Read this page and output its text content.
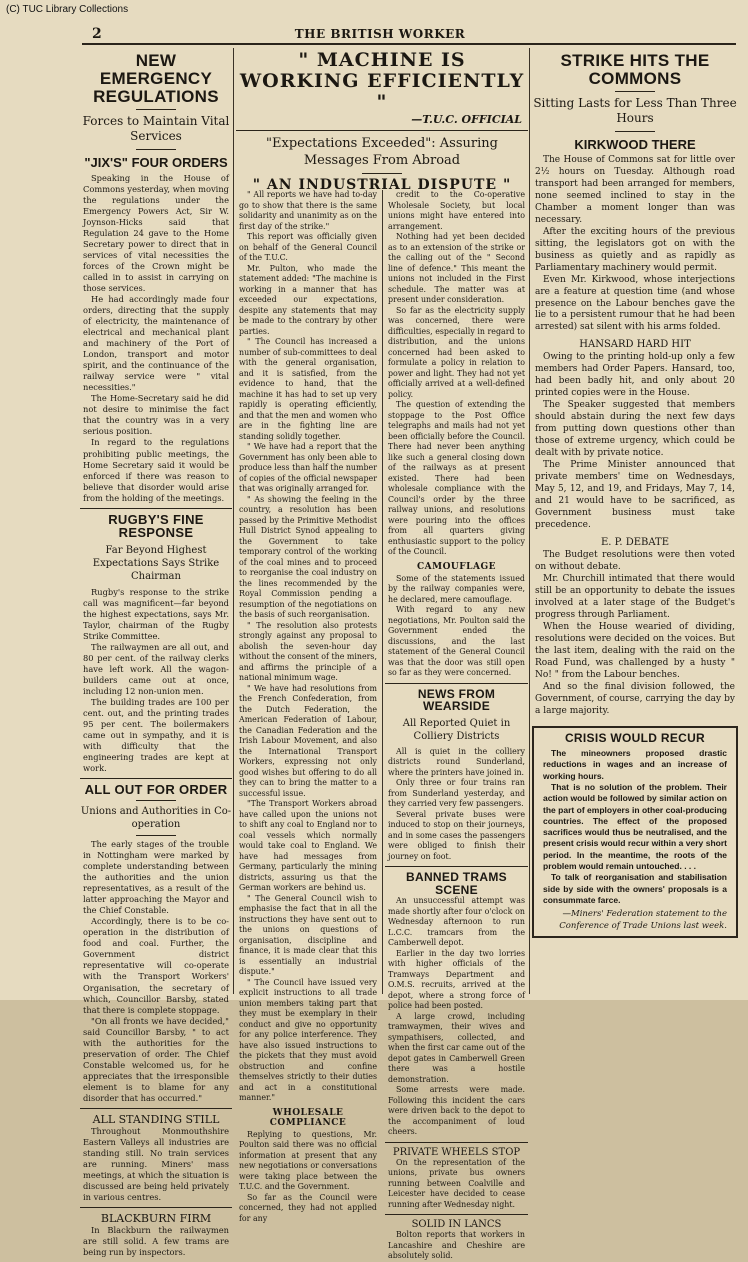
(C) TUC Library Collections
2	THE BRITISH WORKER
NEW EMERGENCY REGULATIONS
Forces to Maintain Vital Services
"JIX'S" FOUR ORDERS

Speaking in the House of Commons yesterday, when moving the regulations under the Emergency Powers Act, Sir W. Joynson-Hicks said that Regulation 24 gave to the Home Secretary power to direct that in services of vital necessities the forces of the Crown might be called in to assist in carrying on those services.

He had accordingly made four orders, directing that the supply of electricity, the maintenance of electrical and mechanical plant and machinery of the Port of London, transport and motor spirit, and the continuance of the railway service were " vital necessities."

The Home-Secretary said he did not desire to minimise the fact that the country was in a very serious position.

In regard to the regulations prohibiting public meetings, the Home Secretary said it would be enforced if there was reason to believe that disorder would arise from the holding of the meetings.

RUGBY'S FINE RESPONSE
Far Beyond Highest Expectations Says Strike Chairman

Rugby's response to the strike call was magnificent—far beyond the highest expectations, says Mr. Taylor, chairman of the Rugby Strike Committee.

The railwaymen are all out, and 80 per cent. of the railway clerks have left work. All the wagon-builders came out at once, including 12 non-union men.

The building trades are 100 per cent. out, and the printing trades 95 per cent. The boilermakers came out in sympathy, and it is with difficulty that the engineering trades are kept at work.

ALL OUT FOR ORDER
Unions and Authorities in Co-operation

The early stages of the trouble in Nottingham were marked by complete understanding between the authorities and the union representatives, as a result of the latter approaching the Mayor and the Chief Constable.

Accordingly, there is to be co-operation in the distribution of food and coal. Further, the Government district representative will co-operate with the Transport Workers' Organisation, the secretary of which, Councillor Barsby, stated that there is complete stoppage.

"On all fronts we have decided," said Councillor Barsby, " to act with the authorities for the preservation of order. The Chief Constable welcomed us, for he appreciates that the irresponsible element is to blame for any disorder that has occurred."

ALL STANDING STILL

Throughout Monmouthshire Eastern Valleys all industries are standing still. No train services are running. Miners' mass meetings, at which the situation is discussed are being held privately in various centres.

BLACKBURN FIRM

In Blackburn the railwaymen are still solid. A few trams are being run by inspectors.

" MACHINE IS WORKING EFFICIENTLY "
—T.U.C. OFFICIAL
"Expectations Exceeded": Assuring Messages From Abroad
" AN INDUSTRIAL DISPUTE "

" All reports we have had to-day go to show that there is the same solidarity and unanimity as on the first day of the strike."

This report was officially given on behalf of the General Council of the T.U.C.

Mr. Pulton, who made the statement added: "The machine is working in a manner that has exceeded our expectations, despite any statements that may be made to the contrary by other parties.

" The Council has increased a number of sub-committees to deal with the general organisation, and it is satisfied, from the evidence to hand, that the machine it has had to set up very rapidly is operating efficiently, and that the men and women who are in the fighting line are standing solidly together.

" We have had a report that the Government has only been able to produce less than half the number of copies of the official newspaper that was originally arranged for.

" As showing the feeling in the country, a resolution has been passed by the Primitive Methodist Hull District Synod appealing to the Government to take temporary control of the working of the coal mines and to proceed to reorganise the coal industry on the lines recommended by the Royal Commission pending a resumption of the negotiations on the basis of such reorganisation.

" The resolution also protests strongly against any proposal to abolish the seven-hour day without the consent of the miners, and affirms the principle of a national minimum wage.

" We have had resolutions from the French Confederation, from the Dutch Federation, the American Federation of Labour, the Canadian Federation and the Irish Labour Movement, and also the International Transport Workers, expressing not only good wishes but offering to do all they can to bring the matter to a successful issue.

"The Transport Workers abroad have called upon the unions not to shift any coal to England nor to coal vessels which normally would take coal to England. We have had messages from Germany, particularly the mining districts, assuring us that the German workers are behind us.

" The General Council wish to emphasise the fact that in all the instructions they have sent out to the unions on questions of organisation, discipline and finance, it is made clear that this is essentially an industrial dispute."

" The Council have issued very explicit instructions to all trade union members taking part that they must be exemplary in their conduct and give no opportunity for any police interference. They have also issued instructions to the pickets that they must avoid obstruction and confine themselves strictly to their duties and act in a constitutional manner."

WHOLESALE COMPLIANCE

Replying to questions, Mr. Poulton said there was no official information at present that any new negotiations or conversations were taking place between the T.U.C. and the Government.

So far as the Council were concerned, they had not applied for any

credit to the Co-operative Wholesale Society, but local unions might have entered into arrangement.

Nothing had yet been decided as to an extension of the strike or the calling out of the " Second line of defence." This meant the unions not included in the First schedule. The matter was at present under consideration.

So far as the electricity supply was concerned, there were difficulties, especially in regard to distribution, and the unions concerned had been asked to formulate a policy in relation to power and light. They had not yet officially arrived at a well-defined policy.

The question of extending the stoppage to the Post Office telegraphs and mails had not yet been officially before the Council. There had never been anything like such a general closing down of the railways as at present existed. There had been wholesale compliance with the Council's order by the three railway unions, and resolutions were pouring into the offices from all quarters giving enthusiastic support to the policy of the Council.

CAMOUFLAGE

Some of the statements issued by the railway companies were, he declared, mere camouflage.

With regard to any new negotiations, Mr. Poulton said the Government ended the discussions, and the last statement of the General Council was that the door was still open so far as they were concerned.

NEWS FROM WEARSIDE
All Reported Quiet in Colliery Districts

All is quiet in the colliery districts round Sunderland, where the printers have joined in.

Only three or four trains ran from Sunderland yesterday, and they carried very few passengers.

Several private buses were induced to stop on their journeys, and in some cases the passengers were obliged to finish their journey on foot.

BANNED TRAMS SCENE

An unsuccessful attempt was made shortly after four o'clock on Wednesday afternoon to run L.C.C. tramcars from the Camberwell depot.

Earlier in the day two lorries with higher officials of the Tramways Department and O.M.S. recruits, arrived at the depot, where a strong force of police had been posted.

A large crowd, including tramwaymen, their wives and sympathisers, collected, and when the first car came out of the depot gates in Camberwell Green there was a hostile demonstration.

Some arrests were made. Following this incident the cars were driven back to the depot to the accompaniment of loud cheers.

PRIVATE WHEELS STOP

On the representation of the unions, private bus owners running between Coalville and Leicester have decided to cease running after Wednesday night.

SOLID IN LANCS

Bolton reports that workers in Lancashire and Cheshire are absolutely solid.

STRIKE HITS THE COMMONS
Sitting Lasts for Less Than Three Hours
KIRKWOOD THERE

The House of Commons sat for little over 2½ hours on Tuesday. Although road transport had been arranged for members, none seemed inclined to stay in the Chamber a moment longer than was necessary.

After the exciting hours of the previous sitting, the legislators got on with the business as quietly and as rapidly as Parliamentary machinery would permit.

Even Mr. Kirkwood, whose interjections are a feature at question time (and whose presence on the Labour benches gave the lie to a persistent rumour that he had been arrested) sat silent with his arms folded.

HANSARD HARD HIT

Owing to the printing hold-up only a few members had Order Papers. Hansard, too, had been badly hit, and only about 20 printed copies were in the House.

The Speaker suggested that members should abstain during the next few days from putting down questions other than those of extreme urgency, which could be dealt with by private notice.

The Prime Minister announced that private members' time on Wednesdays, May 5, 12, and 19, and Fridays, May 7, 14, and 21 would have to be sacrificed, as Government business must take precedence.

E. P. DEBATE

The Budget resolutions were then voted on without debate.

Mr. Churchill intimated that there would still be an opportunity to debate the issues involved at a later stage of the Budget's progress through Parliament.

When the House wearied of dividing, resolutions were decided on the voices. But the last item, dealing with the raid on the Road Fund, was challenged by a husty " No! " from the Labour benches.

And so the final division followed, the Government, of course, carrying the day by a large majority.

CRISIS WOULD RECUR

The mineowners proposed drastic reductions in wages and an increase of working hours.

That is no solution of the problem. Their action would be followed by similar action on the part of employers in other coal-producing countries. The effect of the proposed sacrifices would thus be neutralised, and the present crisis would recur within a very short period. In the meantime, the roots of the problem would remain untouched. . . .

To talk of reorganisation and stabilisation side by side with the owners' proposals is a consummate farce.

—Miners' Federation statement to the Conference of Trade Unions last week.
